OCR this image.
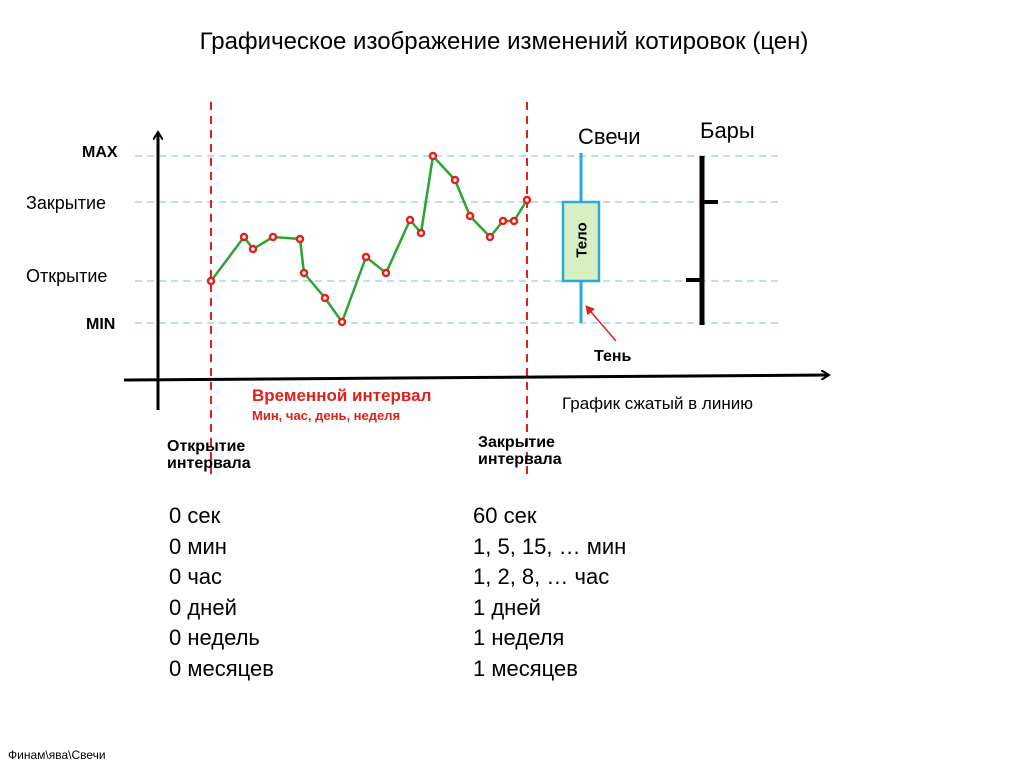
Графическое изображение изменений котировок (цен)
MAX
Закрытие
Открытие
MIN
Свечи	Бары
Тело
Тень
Временной интервал
Мин, час, день, неделя
График сжатый в линию
Открытие
интервала
Закрытие
интервала
0 сек
0 мин
0 час
0 дней
0 недель
0 месяцев
60 сек
1, 5, 15, … мин
1, 2, 8, … час
1 дней
1 неделя
1 месяцев
Финам\ява\Свечи
